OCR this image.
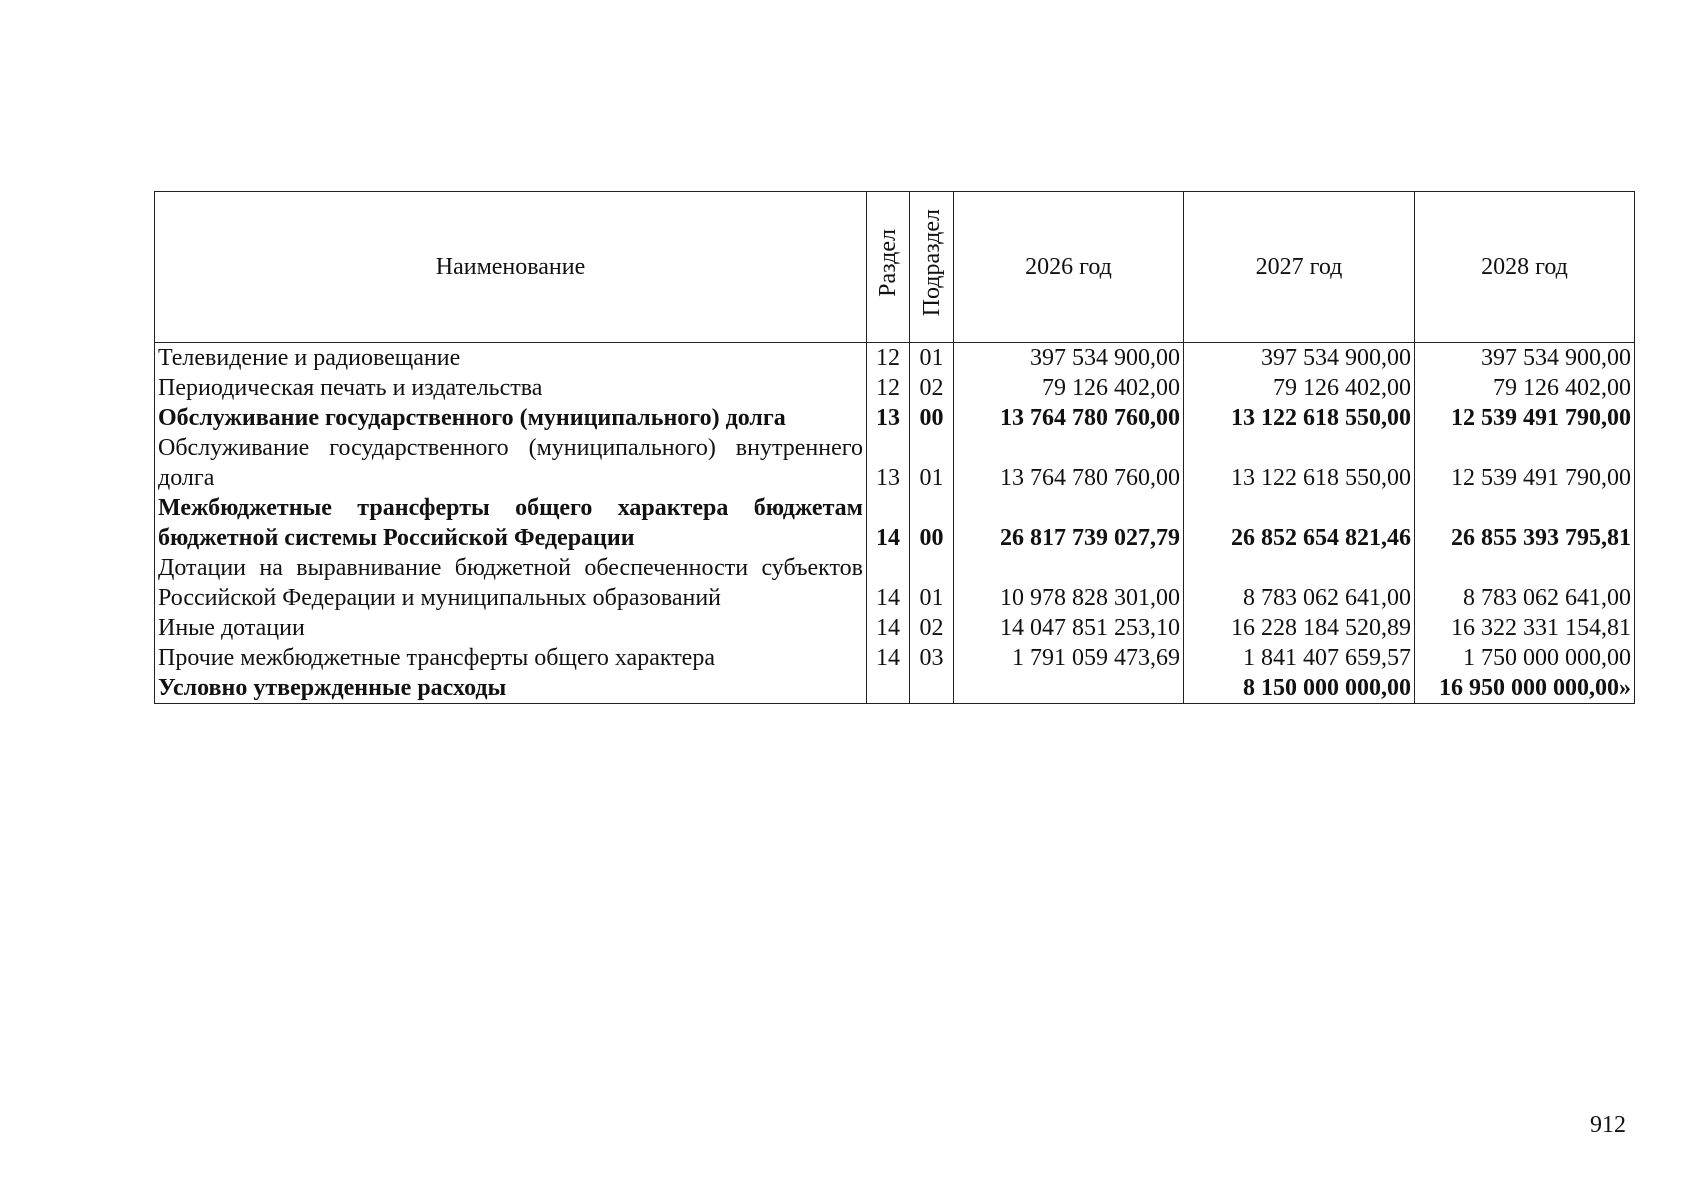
Наименование	Раздел	Подраздел	2026 год	2027 год	2028 год
Телевидение и радиовещание	12	01	397 534 900,00	397 534 900,00	397 534 900,00
Периодическая печать и издательства	12	02	79 126 402,00	79 126 402,00	79 126 402,00
Обслуживание государственного (муниципального) долга	13	00	13 764 780 760,00	13 122 618 550,00	12 539 491 790,00
Обслуживание государственного (муниципального) внутреннего долга	13	01	13 764 780 760,00	13 122 618 550,00	12 539 491 790,00
Межбюджетные трансферты общего характера бюджетам бюджетной системы Российской Федерации	14	00	26 817 739 027,79	26 852 654 821,46	26 855 393 795,81
Дотации на выравнивание бюджетной обеспеченности субъектов Российской Федерации и муниципальных образований	14	01	10 978 828 301,00	8 783 062 641,00	8 783 062 641,00
Иные дотации	14	02	14 047 851 253,10	16 228 184 520,89	16 322 331 154,81
Прочие межбюджетные трансферты общего характера	14	03	1 791 059 473,69	1 841 407 659,57	1 750 000 000,00
Условно утвержденные расходы				8 150 000 000,00	16 950 000 000,00»
912
